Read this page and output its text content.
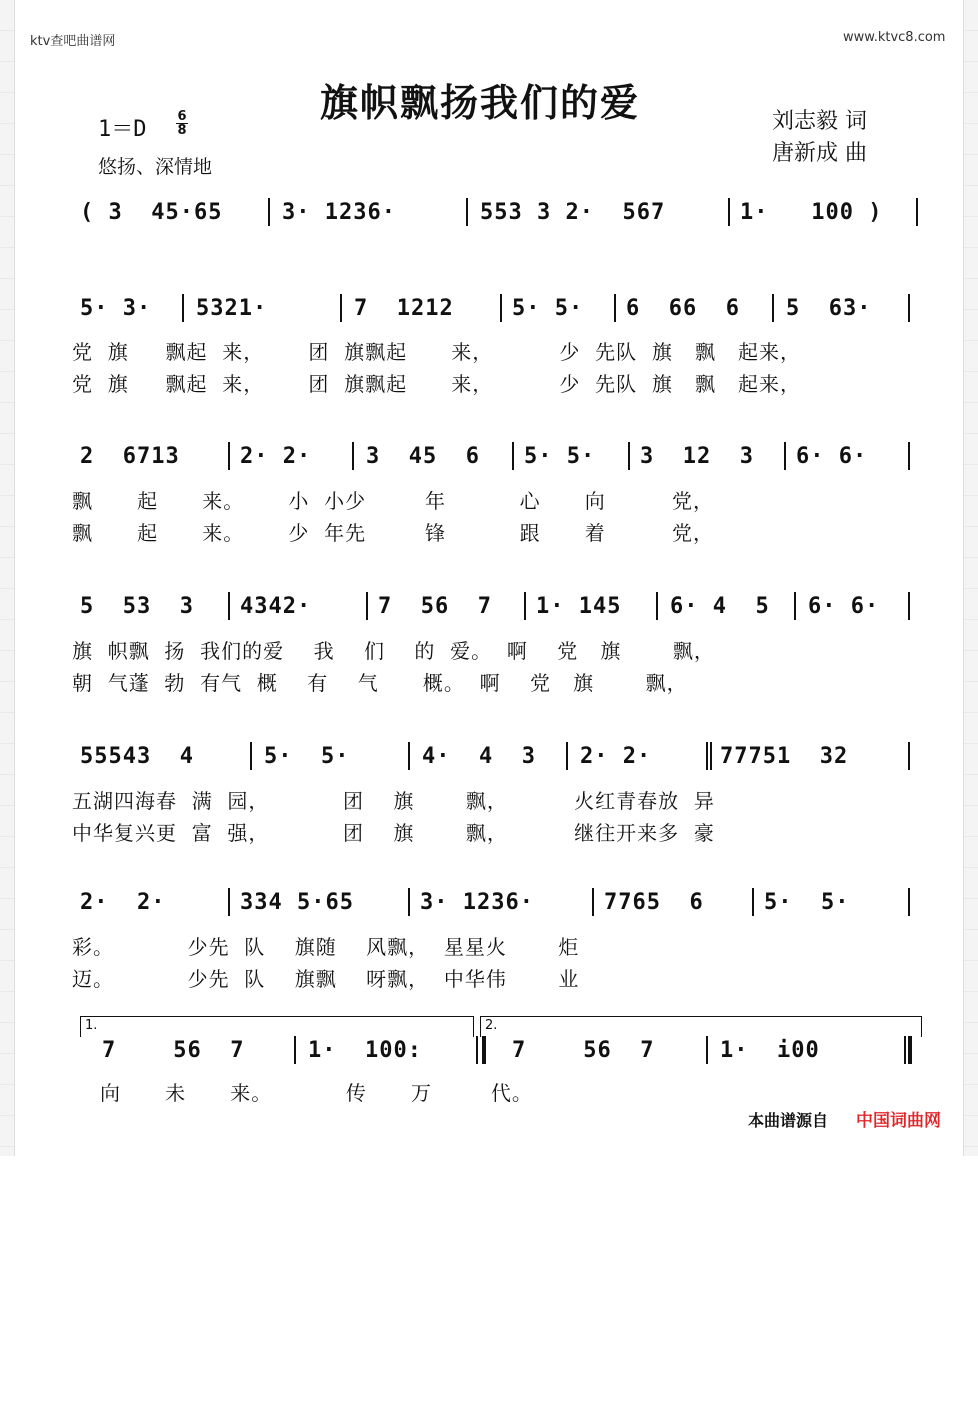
ktv查吧曲谱网	www.ktvc8.com
旗帜飘扬我们的爱	刘志毅 词
唐新成 曲
1＝D
6
8
悠扬、深情地

( 3  45·65

	3· 1236·

	553 3 2·  567

	1·   100 )

5· 3·

5321·

	7  1212

	5· 5·

6  66  6

5  63·

党  旗     飘起  来，      团  旗飘起      来，         少  先队  旗   飘   起来，
党  旗     飘起  来，      团  旗飘起      来，         少  先队  旗   飘   起来，

2  6713

	2· 2·

3  45  6

5· 5·

3  12  3

6· 6·

飘      起      来。      小  小少        年          心      向         党，
飘      起      来。      少  年先        锋          跟      着         党，

5  53  3

4342·

	7  56  7

1· 145

6· 4  5

6· 6·

旗  帜飘  扬  我们的爱    我    们    的  爱。  啊    党   旗       飘，
朝  气蓬  勃  有气  概    有    气      概。  啊    党   旗       飘，

55543  4

	5·  5·

	4·  4  3

2· 2·

	77751  32

五湖四海春  满  园，          团    旗       飘，         火红青春放  异
中华复兴更  富  强，          团    旗       飘，         继往开来多  豪

2·  2·

	334 5·65

	3· 1236·

	7765  6

	5·  5·

彩。          少先  队    旗随    风飘，  星星火       炬
迈。          少先  队    旗飘    呀飘，  中华伟       业
1.	2.

7    56  7

	1·  100:

	7    56  7

	1·  i00

向      未      来。          传      万        代。
本曲谱源自 中国词曲网
